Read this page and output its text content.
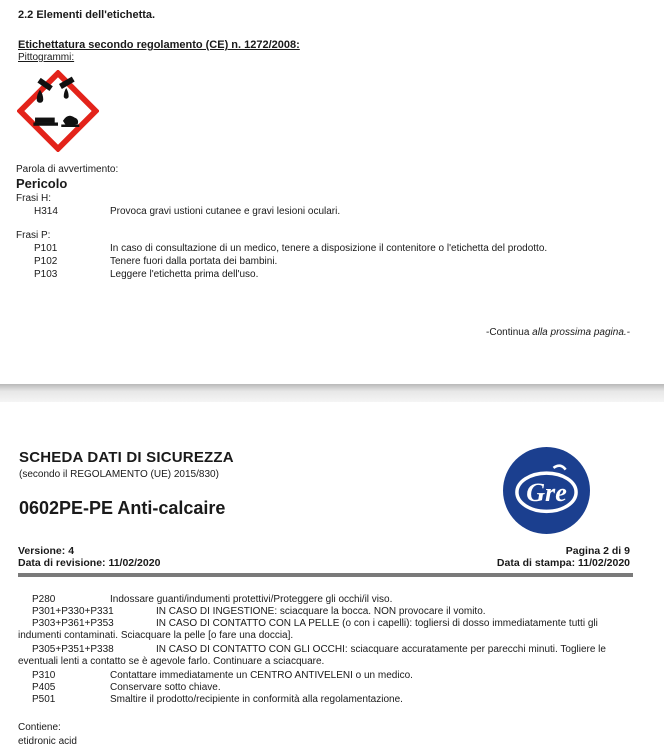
2.2 Elementi dell'etichetta.
Etichettatura secondo regolamento (CE) n. 1272/2008:
Pittogrammi:
Parola di avvertimento:
Pericolo
Frasi H:
H314	Provoca gravi ustioni cutanee e gravi lesioni oculari.
Frasi P:
P101	In caso di consultazione di un medico, tenere a disposizione il contenitore o l'etichetta del prodotto.
P102	Tenere fuori dalla portata dei bambini.
P103	Leggere l'etichetta prima dell'uso.
-Continua alla prossima pagina.-
SCHEDA DATI DI SICUREZZA
(secondo il REGOLAMENTO (UE) 2015/830)
0602PE-PE Anti-calcaire
Gre
Versione: 4
Data di revisione: 11/02/2020
Pagina 2 di 9
Data di stampa: 11/02/2020
P280	Indossare guanti/indumenti protettivi/Proteggere gli occhi/il viso.
P301+P330+P331	IN CASO DI INGESTIONE: sciacquare la bocca. NON provocare il vomito.
P303+P361+P353	IN CASO DI CONTATTO CON LA PELLE (o con i capelli): togliersi di dosso immediatamente tutti gli
indumenti contaminati. Sciacquare la pelle [o fare una doccia].
P305+P351+P338	IN CASO DI CONTATTO CON GLI OCCHI: sciacquare accuratamente per parecchi minuti. Togliere le
eventuali lenti a contatto se è agevole farlo. Continuare a sciacquare.
P310	Contattare immediatamente un CENTRO ANTIVELENI o un medico.
P405	Conservare sotto chiave.
P501	Smaltire il prodotto/recipiente in conformità alla regolamentazione.
Contiene:
etidronic acid
